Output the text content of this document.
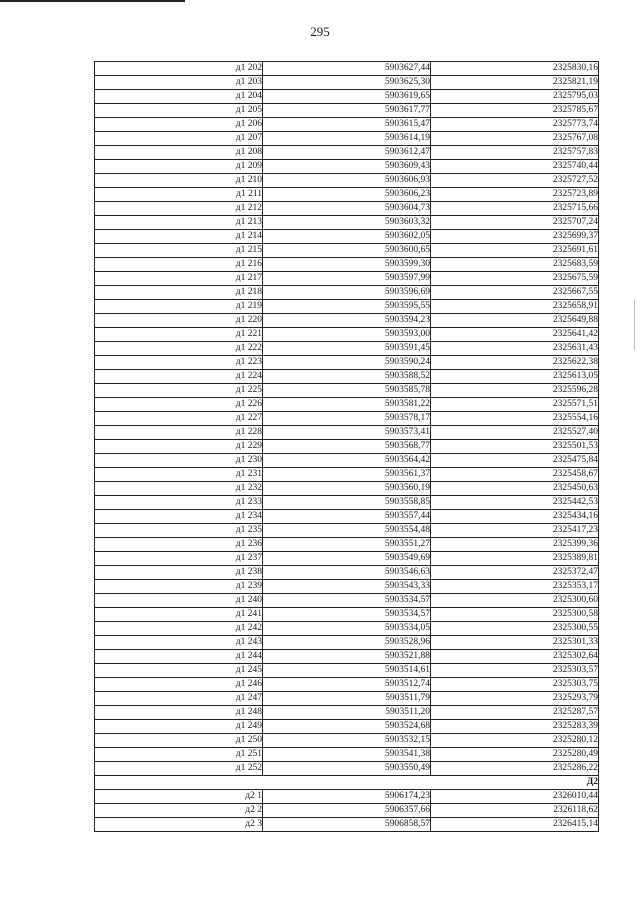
295
д1 202	5903627,44	2325830,16
д1 203	5903625,30	2325821,19
д1 204	5903619,65	2325795,03
д1 205	5903617,77	2325785,67
д1 206	5903615,47	2325773,74
д1 207	5903614,19	2325767,08
д1 208	5903612,47	2325757,83
д1 209	5903609,43	2325740,44
д1 210	5903606,93	2325727,52
д1 211	5903606,23	2325723,89
д1 212	5903604,73	2325715,66
д1 213	5903603,32	2325707,24
д1 214	5903602,05	2325699,37
д1 215	5903600,65	2325691,61
д1 216	5903599,30	2325683,59
д1 217	5903597,99	2325675,59
д1 218	5903596,69	2325667,55
д1 219	5903595,55	2325658,91
д1 220	5903594,23	2325649,88
д1 221	5903593,00	2325641,42
д1 222	5903591,45	2325631,43
д1 223	5903590,24	2325622,38
д1 224	5903588,52	2325613,05
д1 225	5903585,78	2325596,28
д1 226	5903581,22	2325571,51
д1 227	5903578,17	2325554,16
д1 228	5903573,41	2325527,40
д1 229	5903568,77	2325501,53
д1 230	5903564,42	2325475,84
д1 231	5903561,37	2325458,67
д1 232	5903560,19	2325450,63
д1 233	5903558,85	2325442,53
д1 234	5903557,44	2325434,16
д1 235	5903554,48	2325417,23
д1 236	5903551,27	2325399,36
д1 237	5903549,69	2325389,81
д1 238	5903546,63	2325372,47
д1 239	5903543,33	2325353,17
д1 240	5903534,57	2325300,60
д1 241	5903534,57	2325300,58
д1 242	5903534,05	2325300,55
д1 243	5903528,96	2325301,33
д1 244	5903521,88	2325302,64
д1 245	5903514,61	2325303,57
д1 246	5903512,74	2325303,75
д1 247	5903511,79	2325293,79
д1 248	5903511,20	2325287,57
д1 249	5903524,68	2325283,39
д1 250	5903532,15	2325280,12
д1 251	5903541,38	2325280,49
д1 252	5903550,49	2325286,22
Д2		
д2 1	5906174,23	2326010,44
д2 2	5906357,66	2326118,62
д2 3	5906858,57	2326415,14
